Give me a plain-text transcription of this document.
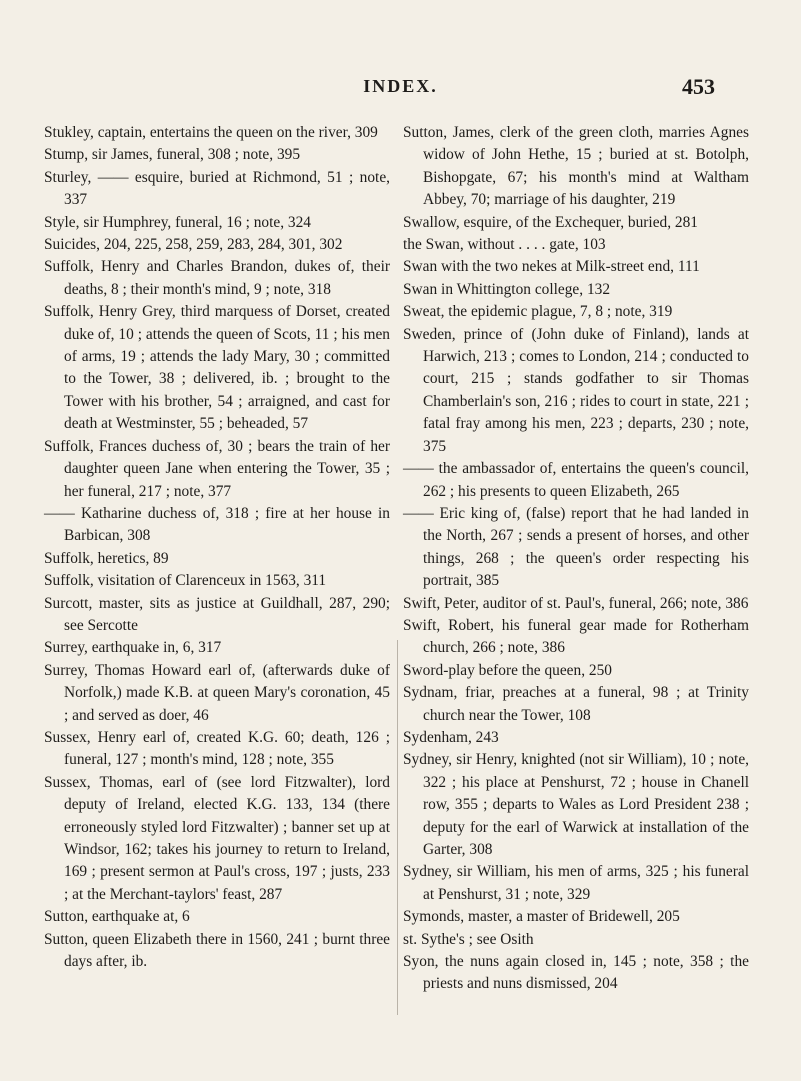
INDEX.	453

Stukley, captain, entertains the queen on the river, 309

Stump, sir James, funeral, 308 ; note, 395

Sturley, —— esquire, buried at Richmond, 51 ; note, 337

Style, sir Humphrey, funeral, 16 ; note, 324

Suicides, 204, 225, 258, 259, 283, 284, 301, 302

Suffolk, Henry and Charles Brandon, dukes of, their deaths, 8 ; their month's mind, 9 ; note, 318

Suffolk, Henry Grey, third marquess of Dorset, created duke of, 10 ; attends the queen of Scots, 11 ; his men of arms, 19 ; attends the lady Mary, 30 ; committed to the Tower, 38 ; delivered, ib. ; brought to the Tower with his brother, 54 ; arraigned, and cast for death at Westminster, 55 ; beheaded, 57

Suffolk, Frances duchess of, 30 ; bears the train of her daughter queen Jane when entering the Tower, 35 ; her funeral, 217 ; note, 377

—— Katharine duchess of, 318 ; fire at her house in Barbican, 308

Suffolk, heretics, 89

Suffolk, visitation of Clarenceux in 1563, 311

Surcott, master, sits as justice at Guildhall, 287, 290; see Sercotte

Surrey, earthquake in, 6, 317

Surrey, Thomas Howard earl of, (afterwards duke of Norfolk,) made K.B. at queen Mary's coronation, 45 ; and served as doer, 46

Sussex, Henry earl of, created K.G. 60; death, 126 ; funeral, 127 ; month's mind, 128 ; note, 355

Sussex, Thomas, earl of (see lord Fitzwalter), lord deputy of Ireland, elected K.G. 133, 134 (there erroneously styled lord Fitzwalter) ; banner set up at Windsor, 162; takes his journey to return to Ireland, 169 ; present sermon at Paul's cross, 197 ; justs, 233 ; at the Merchant-taylors' feast, 287

Sutton, earthquake at, 6

Sutton, queen Elizabeth there in 1560, 241 ; burnt three days after, ib.

Sutton, James, clerk of the green cloth, marries Agnes widow of John Hethe, 15 ; buried at st. Botolph, Bishopgate, 67; his month's mind at Waltham Abbey, 70; marriage of his daughter, 219

Swallow, esquire, of the Exchequer, buried, 281

the Swan, without . . . . gate, 103

Swan with the two nekes at Milk-street end, 111

Swan in Whittington college, 132

Sweat, the epidemic plague, 7, 8 ; note, 319

Sweden, prince of (John duke of Finland), lands at Harwich, 213 ; comes to London, 214 ; conducted to court, 215 ; stands godfather to sir Thomas Chamberlain's son, 216 ; rides to court in state, 221 ; fatal fray among his men, 223 ; departs, 230 ; note, 375

—— the ambassador of, entertains the queen's council, 262 ; his presents to queen Elizabeth, 265

—— Eric king of, (false) report that he had landed in the North, 267 ; sends a present of horses, and other things, 268 ; the queen's order respecting his portrait, 385

Swift, Peter, auditor of st. Paul's, funeral, 266; note, 386

Swift, Robert, his funeral gear made for Rotherham church, 266 ; note, 386

Sword-play before the queen, 250

Sydnam, friar, preaches at a funeral, 98 ; at Trinity church near the Tower, 108

Sydenham, 243

Sydney, sir Henry, knighted (not sir William), 10 ; note, 322 ; his place at Penshurst, 72 ; house in Chanell row, 355 ; departs to Wales as Lord President 238 ; deputy for the earl of Warwick at installation of the Garter, 308

Sydney, sir William, his men of arms, 325 ; his funeral at Penshurst, 31 ; note, 329

Symonds, master, a master of Bridewell, 205

st. Sythe's ; see Osith

Syon, the nuns again closed in, 145 ; note, 358 ; the priests and nuns dismissed, 204
